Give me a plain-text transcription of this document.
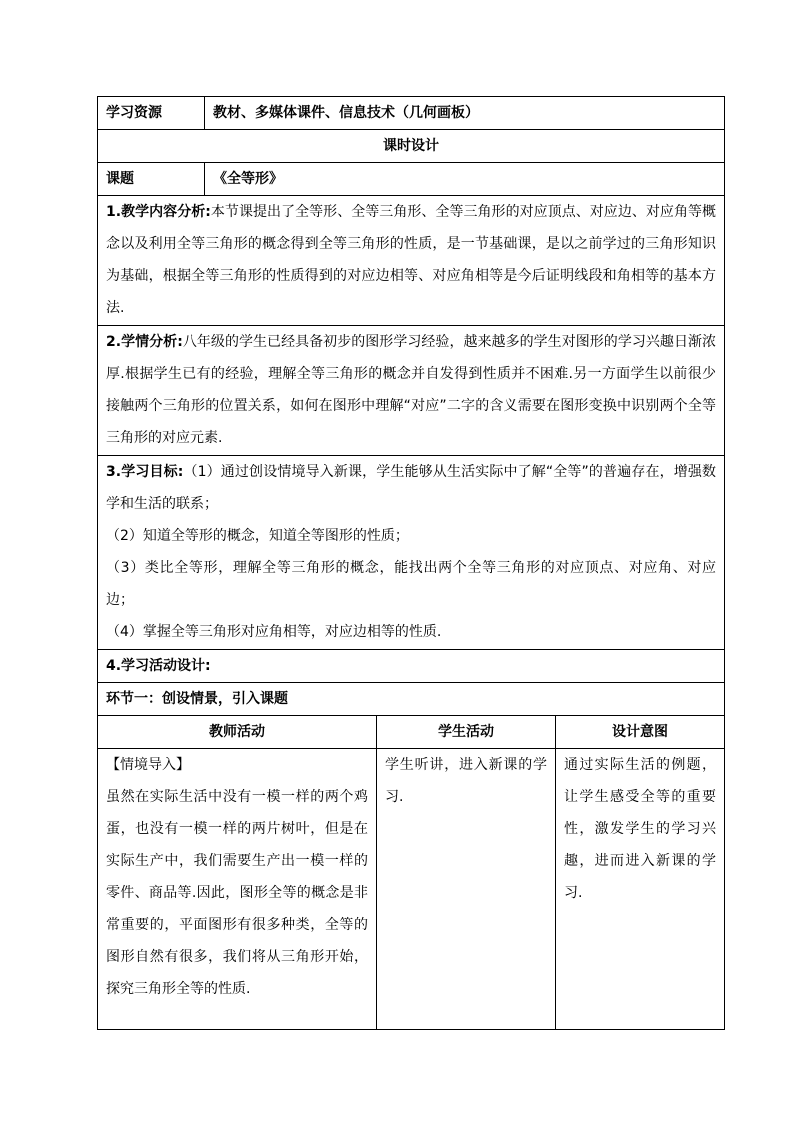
学习资源	教材、多媒体课件、信息技术（几何画板）		
课时设计			
课题	《全等形》		

1.教学内容分析:本节课提出了全等形、全等三角形、全等三角形的对应顶点、对应边、对应角等概念以及利用全等三角形的概念得到全等三角形的性质，是一节基础课，是以之前学过的三角形知识为基础，根据全等三角形的性质得到的对应边相等、对应角相等是今后证明线段和角相等的基本方法.			

2.学情分析:八年级的学生已经具备初步的图形学习经验，越来越多的学生对图形的学习兴趣日渐浓厚.根据学生已有的经验，理解全等三角形的概念并自发得到性质并不困难.另一方面学生以前很少接触两个三角形的位置关系，如何在图形中理解“对应”二字的含义需要在图形变换中识别两个全等三角形的对应元素.			

3.学习目标:（1）通过创设情境导入新课，学生能够从生活实际中了解“全等”的普遍存在，增强数学和生活的联系；
（2）知道全等形的概念，知道全等图形的性质；
（3）类比全等形，理解全等三角形的概念，能找出两个全等三角形的对应顶点、对应角、对应边；
（4）掌握全等三角形对应角相等，对应边相等的性质.			

4.学习活动设计:			
环节一：创设情景，引入课题			
教师活动		学生活动	设计意图

【情境导入】
虽然在实际生活中没有一模一样的两个鸡蛋，也没有一模一样的两片树叶，但是在实际生产中，我们需要生产出一模一样的零件、商品等.因此，图形全等的概念是非常重要的，平面图形有很多种类，全等的图形自然有很多，我们将从三角形开始，探究三角形全等的性质.		学生听讲，进入新课的学习.	通过实际生活的例题，让学生感受全等的重要性，激发学生的学习兴趣，进而进入新课的学习.
